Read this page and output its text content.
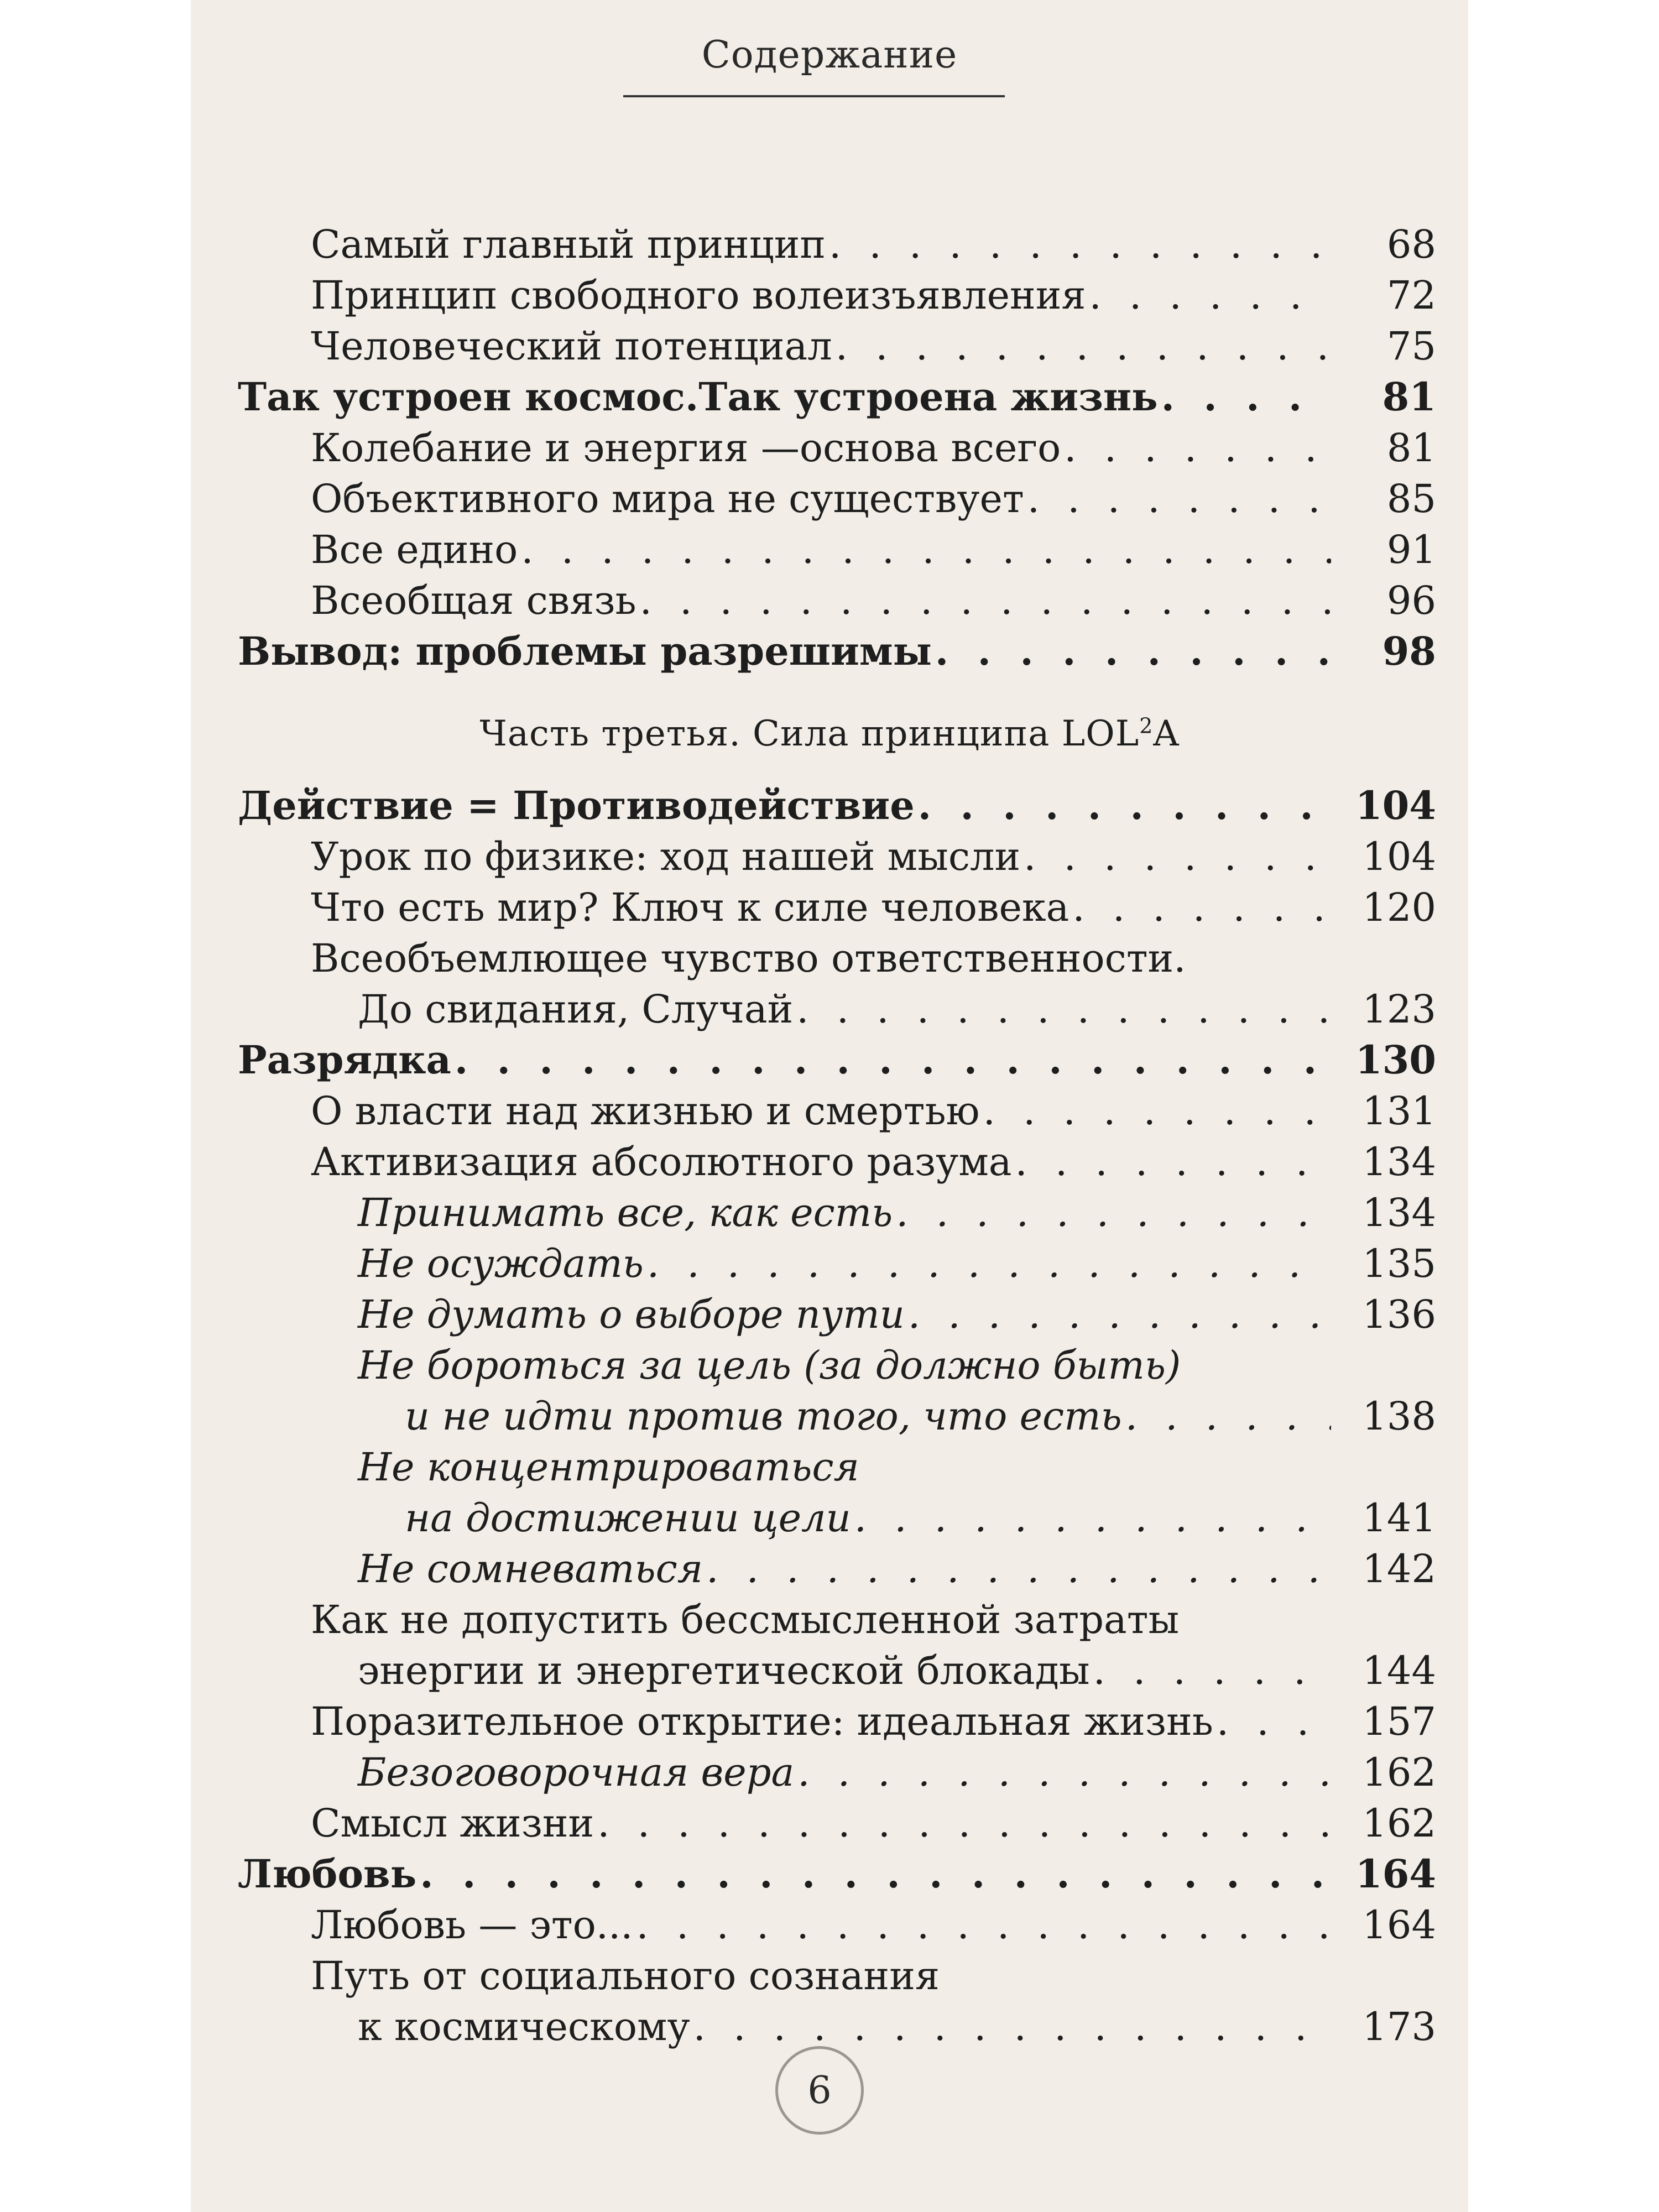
Содержание
Самый главный принцип . . .	68
Принцип свободного волеизъявления . . .	72
Человеческий потенциал . . .	75
Так устроен космос.Так устроена жизнь . . .	81
Колебание и энергия —основа всего . . .	81
Объективного мира не существует . . .	85
Все едино . . .	91
Всеобщая связь . . .	96
Вывод: проблемы разрешимы . . .	98
Часть третья. Сила принципа LOL$^2$A
Действие = Противодействие . . .	104
Урок по физике: ход нашей мысли . . .	104
Что есть мир? Ключ к силе человека . . .	120
Всеобъемлющее чувство ответственности.
До свидания, Случай . . .	123
Разрядка . . .	130
О власти над жизнью и смертью . . .	131
Активизация абсолютного разума . . .	134
Принимать все, как есть . . .	134
Не осуждать . . .	135
Не думать о выборе пути . . .	136
Не бороться за цель (за должно быть)
и не идти против того, что есть . . .	138
Не концентрироваться
на достижении цели . . .	141
Не сомневаться . . .	142
Как не допустить бессмысленной затраты
энергии и энергетической блокады . . .	144
Поразительное открытие: идеальная жизнь . . .	157
Безоговорочная вера . . .	162
Смысл жизни . . .	162
Любовь . . .	164
Любовь — это... . . .	164
Путь от социального сознания
к космическому . . .	173
6
